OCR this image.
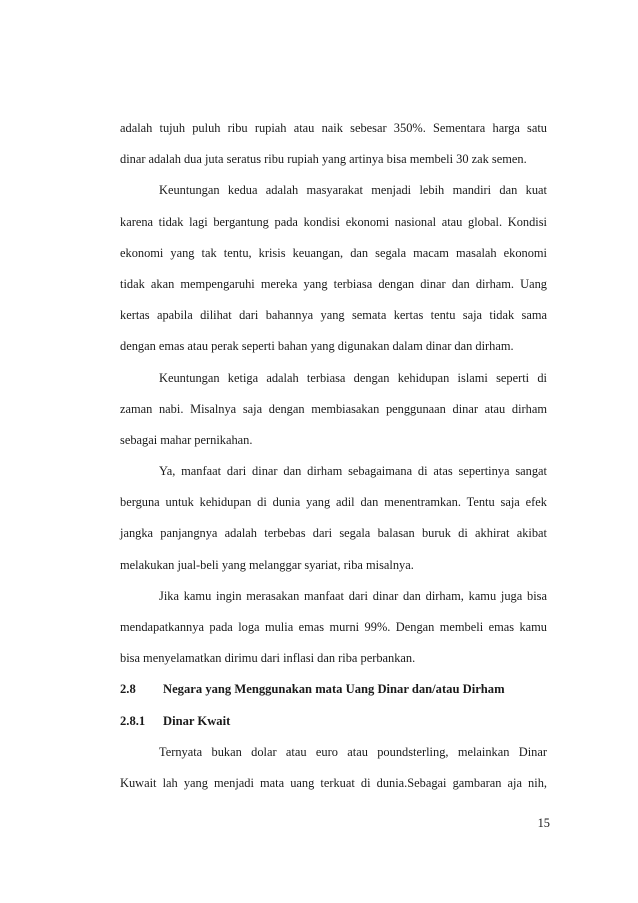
adalah tujuh puluh ribu rupiah atau naik sebesar 350%. Sementara harga satu
dinar adalah dua juta seratus ribu rupiah yang artinya bisa membeli 30 zak semen.
Keuntungan kedua adalah masyarakat menjadi lebih mandiri dan kuat
karena tidak lagi bergantung pada kondisi ekonomi nasional atau global. Kondisi
ekonomi yang tak tentu, krisis keuangan, dan segala macam masalah ekonomi
tidak akan mempengaruhi mereka yang terbiasa dengan dinar dan dirham. Uang
kertas apabila dilihat dari bahannya yang semata kertas tentu saja tidak sama
dengan emas atau perak seperti bahan yang digunakan dalam dinar dan dirham.
Keuntungan ketiga adalah terbiasa dengan kehidupan islami seperti di
zaman nabi. Misalnya saja dengan membiasakan penggunaan dinar atau dirham
sebagai mahar pernikahan.
Ya, manfaat dari dinar dan dirham sebagaimana di atas sepertinya sangat
berguna untuk kehidupan di dunia yang adil dan menentramkan. Tentu saja efek
jangka panjangnya adalah terbebas dari segala balasan buruk di akhirat akibat
melakukan jual-beli yang melanggar syariat, riba misalnya.
Jika kamu ingin merasakan manfaat dari dinar dan dirham, kamu juga bisa
mendapatkannya pada loga mulia emas murni 99%. Dengan membeli emas kamu
bisa menyelamatkan dirimu dari inflasi dan riba perbankan.
2.8 Negara yang Menggunakan mata Uang Dinar dan/atau Dirham
2.8.1 Dinar Kwait
Ternyata bukan dolar atau euro atau poundsterling, melainkan Dinar
Kuwait lah yang menjadi mata uang terkuat di dunia.Sebagai gambaran aja nih,
15
